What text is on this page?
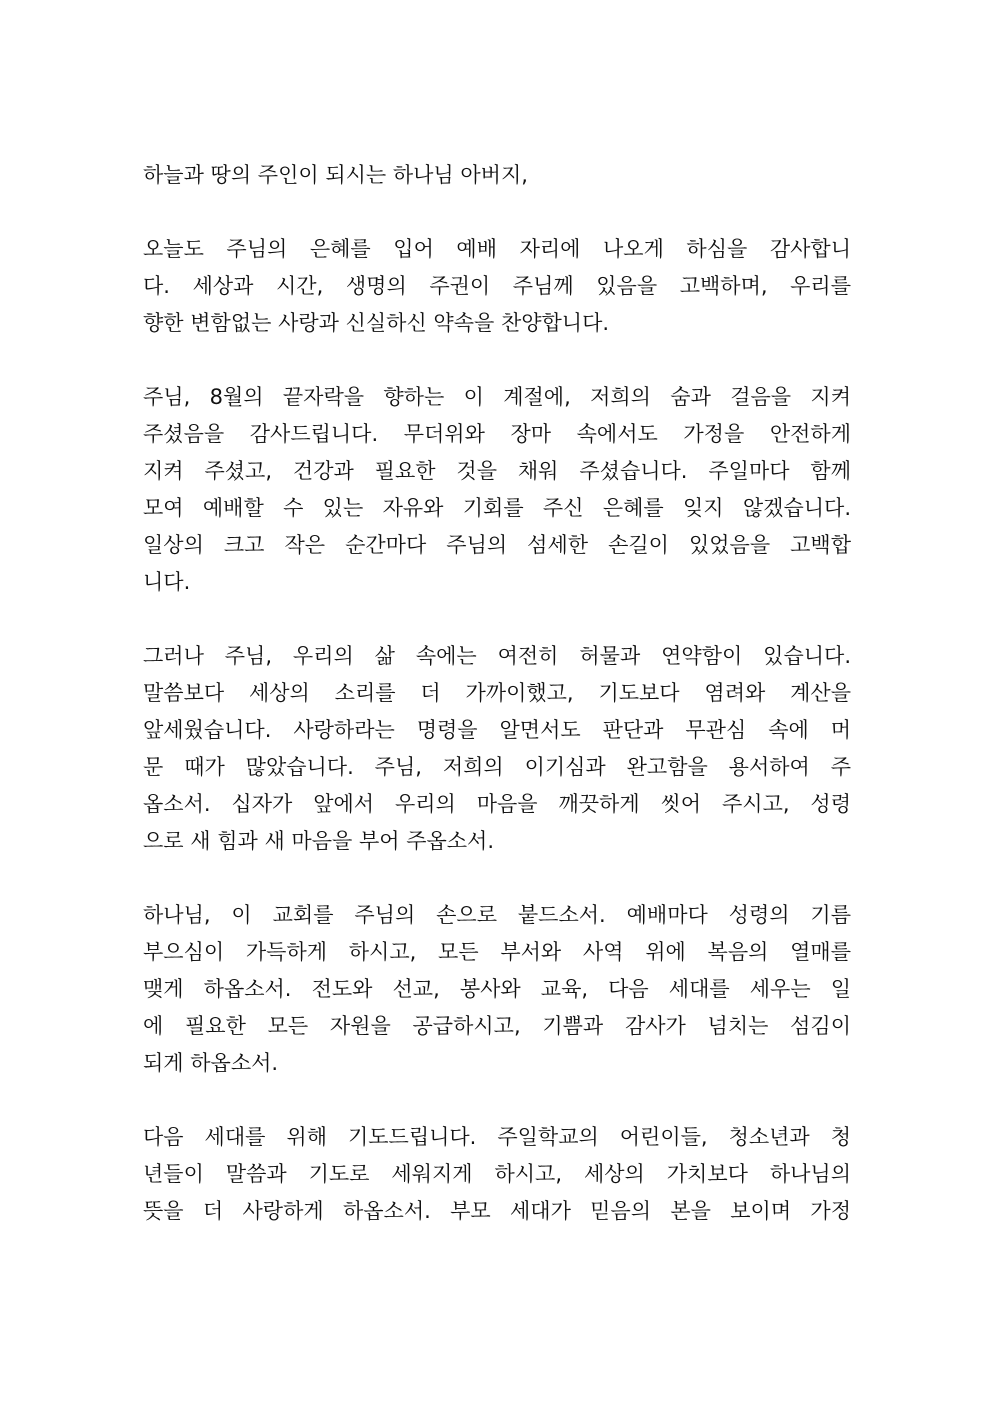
하늘과 땅의 주인이 되시는 하나님 아버지,
오늘도 주님의 은혜를 입어 예배 자리에 나오게 하심을 감사합니
다. 세상과 시간, 생명의 주권이 주님께 있음을 고백하며, 우리를
향한 변함없는 사랑과 신실하신 약속을 찬양합니다.
주님, 8월의 끝자락을 향하는 이 계절에, 저희의 숨과 걸음을 지켜
주셨음을 감사드립니다. 무더위와 장마 속에서도 가정을 안전하게
지켜 주셨고, 건강과 필요한 것을 채워 주셨습니다. 주일마다 함께
모여 예배할 수 있는 자유와 기회를 주신 은혜를 잊지 않겠습니다.
일상의 크고 작은 순간마다 주님의 섬세한 손길이 있었음을 고백합
니다.
그러나 주님, 우리의 삶 속에는 여전히 허물과 연약함이 있습니다.
말씀보다 세상의 소리를 더 가까이했고, 기도보다 염려와 계산을
앞세웠습니다. 사랑하라는 명령을 알면서도 판단과 무관심 속에 머
문 때가 많았습니다. 주님, 저희의 이기심과 완고함을 용서하여 주
옵소서. 십자가 앞에서 우리의 마음을 깨끗하게 씻어 주시고, 성령
으로 새 힘과 새 마음을 부어 주옵소서.
하나님, 이 교회를 주님의 손으로 붙드소서. 예배마다 성령의 기름
부으심이 가득하게 하시고, 모든 부서와 사역 위에 복음의 열매를
맺게 하옵소서. 전도와 선교, 봉사와 교육, 다음 세대를 세우는 일
에 필요한 모든 자원을 공급하시고, 기쁨과 감사가 넘치는 섬김이
되게 하옵소서.
다음 세대를 위해 기도드립니다. 주일학교의 어린이들, 청소년과 청
년들이 말씀과 기도로 세워지게 하시고, 세상의 가치보다 하나님의
뜻을 더 사랑하게 하옵소서. 부모 세대가 믿음의 본을 보이며 가정
